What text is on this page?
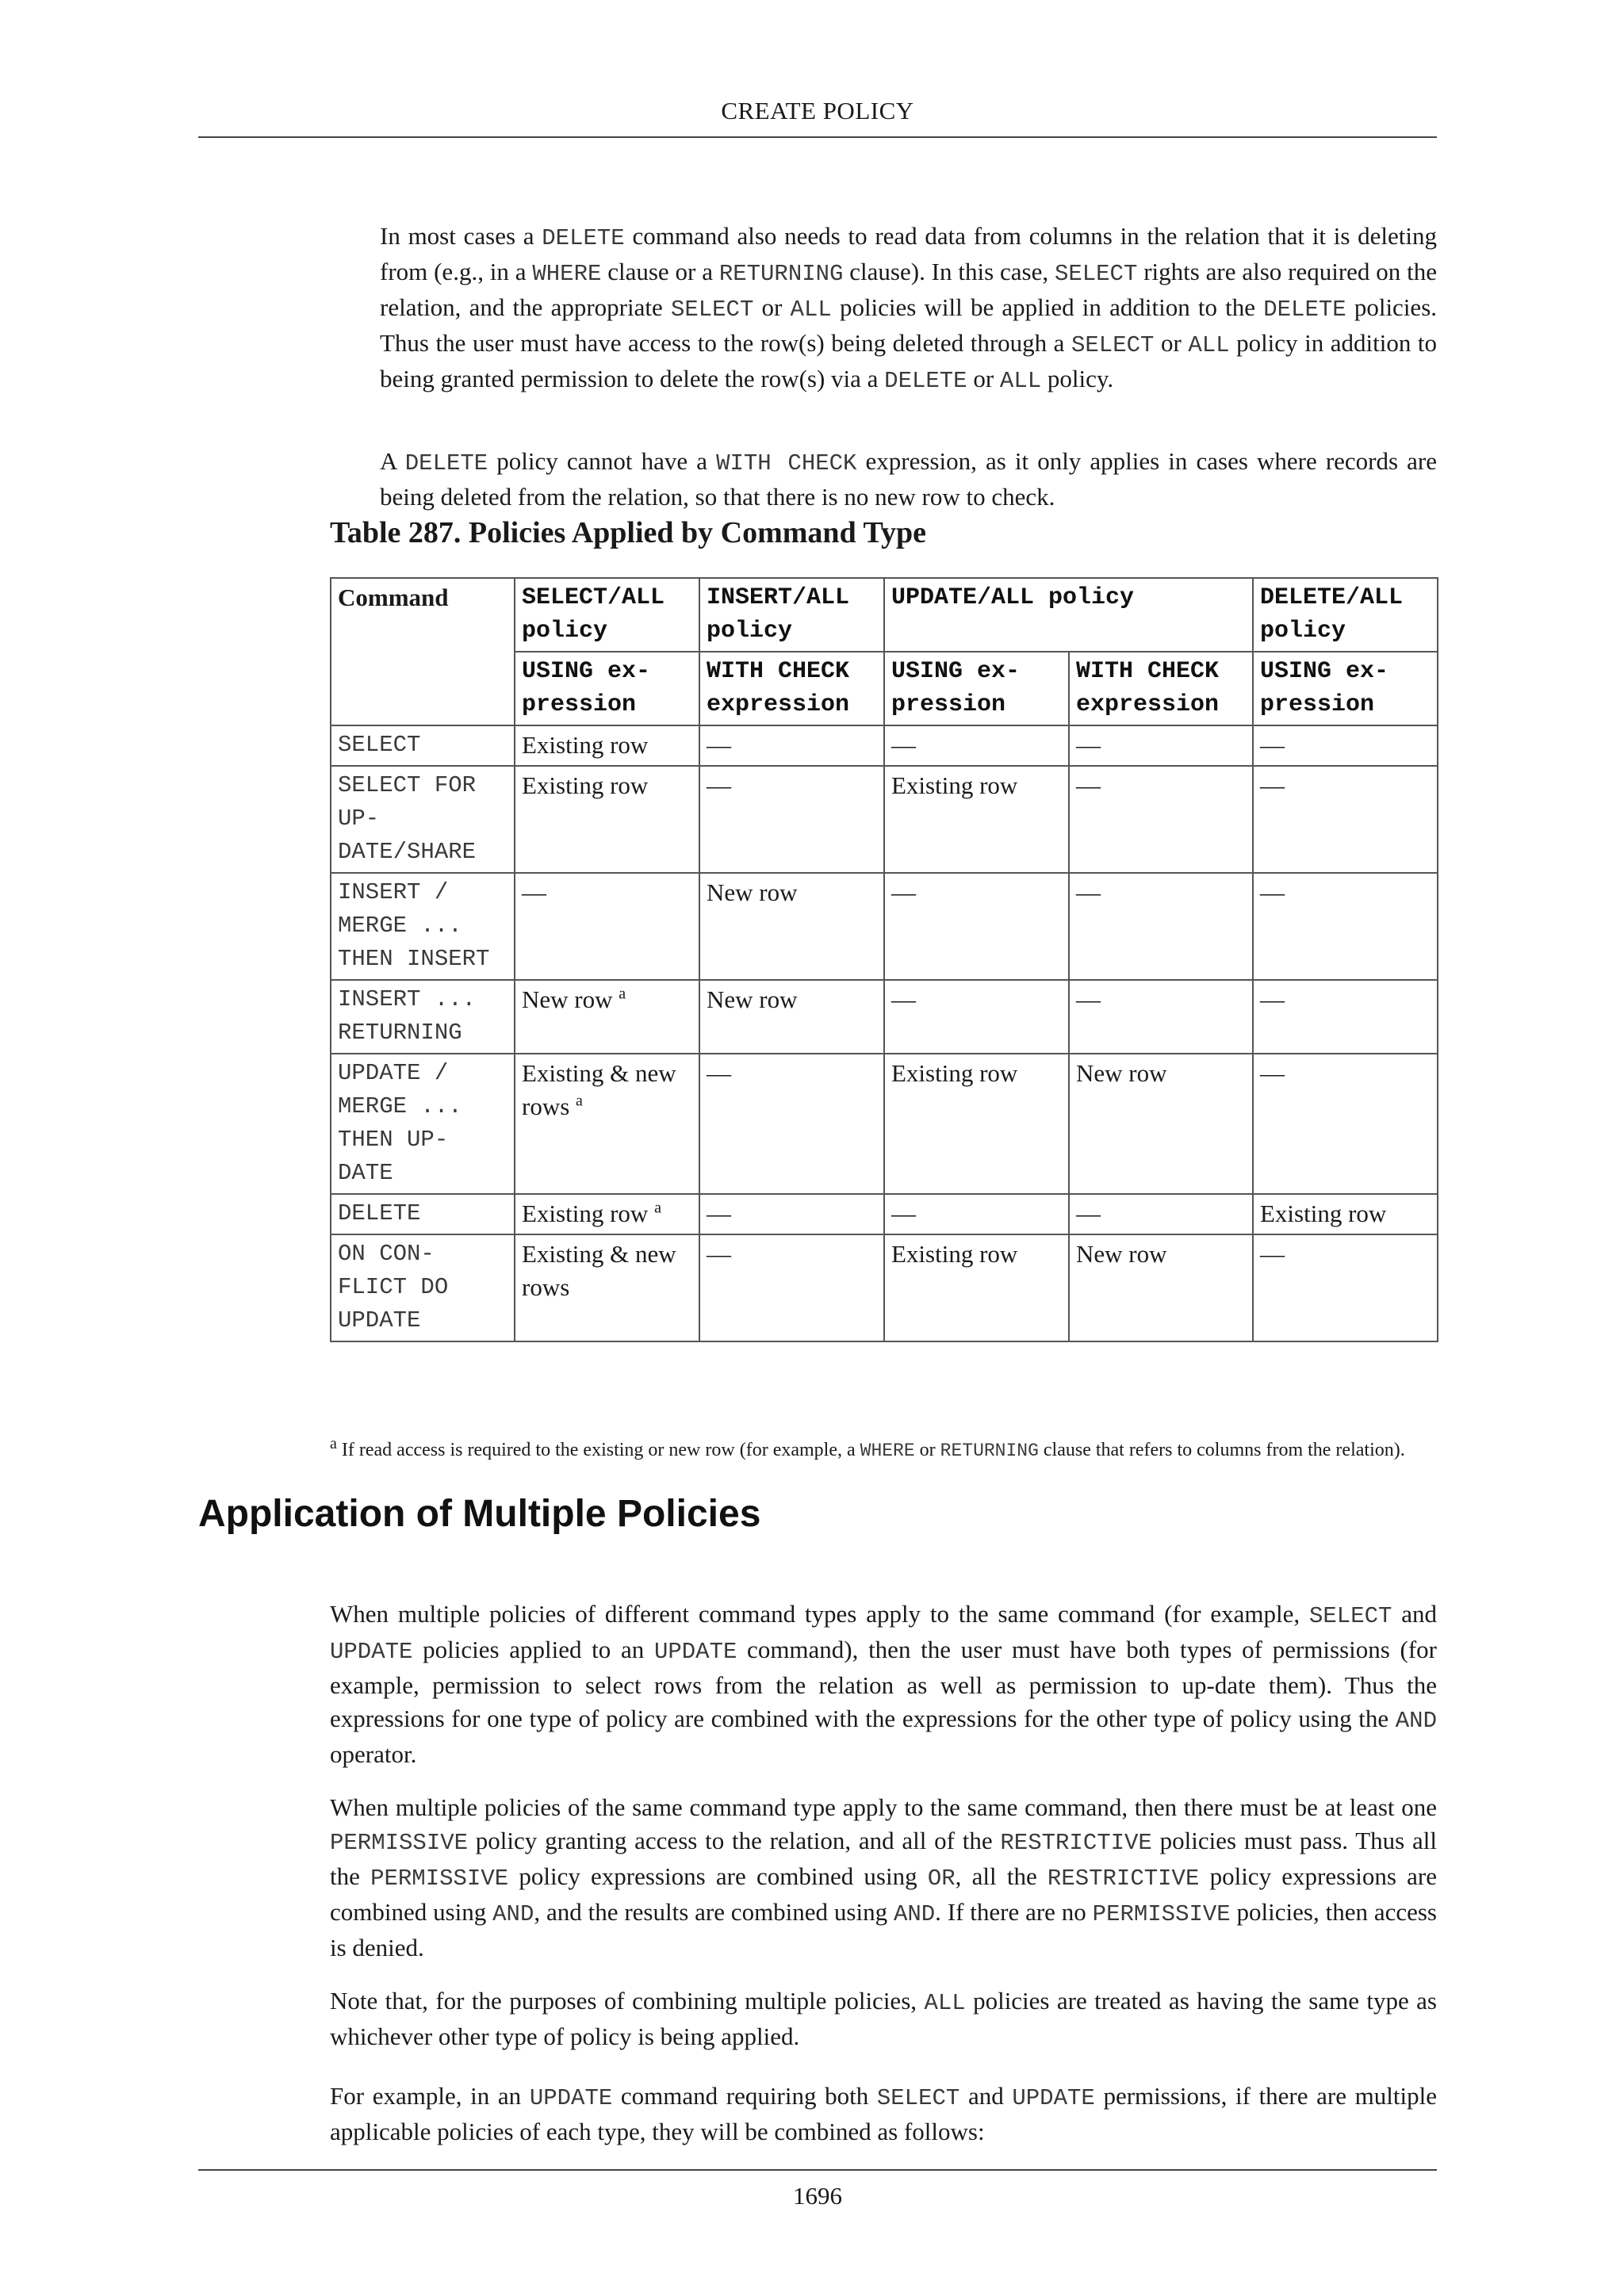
CREATE POLICY

In most cases a DELETE command also needs to read data from columns in the relation that it is deleting from (e.g., in a WHERE clause or a RETURNING clause). In this case, SELECT rights are also required on the relation, and the appropriate SELECT or ALL policies will be applied in addition to the DELETE policies. Thus the user must have access to the row(s) being deleted through a SELECT or ALL policy in addition to being granted permission to delete the row(s) via a DELETE or ALL policy.

A DELETE policy cannot have a WITH CHECK expression, as it only applies in cases where records are being deleted from the relation, so that there is no new row to check.

Table 287. Policies Applied by Command Type
Command	SELECT/ALL policy	INSERT/ALL policy	UPDATE/ALL policy		DELETE/ALL policy
	USING ex- pression	WITH CHECK expression	USING ex- pression	WITH CHECK expression	USING ex- pression
SELECT	Existing row	—	—	—	—
SELECT FOR UP- DATE/SHARE	Existing row	—	Existing row	—	—
INSERT / MERGE ... THEN INSERT	—	New row	—	—	—
INSERT ... RETURNING	New row $^a$	New row	—	—	—
UPDATE / MERGE ... THEN UP- DATE	Existing & new rows $^a$	—	Existing row	New row	—
DELETE	Existing row $^a$	—	—	—	Existing row
ON CON- FLICT DO UPDATE	Existing & new rows	—	Existing row	New row	—

$^a$ If read access is required to the existing or new row (for example, a WHERE or RETURNING clause that refers to columns from the relation).

Application of Multiple Policies

When multiple policies of different command types apply to the same command (for example, SELECT and UPDATE policies applied to an UPDATE command), then the user must have both types of permissions (for example, permission to select rows from the relation as well as permission to up-date them). Thus the expressions for one type of policy are combined with the expressions for the other type of policy using the AND operator.

When multiple policies of the same command type apply to the same command, then there must be at least one PERMISSIVE policy granting access to the relation, and all of the RESTRICTIVE policies must pass. Thus all the PERMISSIVE policy expressions are combined using OR, all the RESTRICTIVE policy expressions are combined using AND, and the results are combined using AND. If there are no PERMISSIVE policies, then access is denied.

Note that, for the purposes of combining multiple policies, ALL policies are treated as having the same type as whichever other type of policy is being applied.

For example, in an UPDATE command requiring both SELECT and UPDATE permissions, if there are multiple applicable policies of each type, they will be combined as follows:

1696
